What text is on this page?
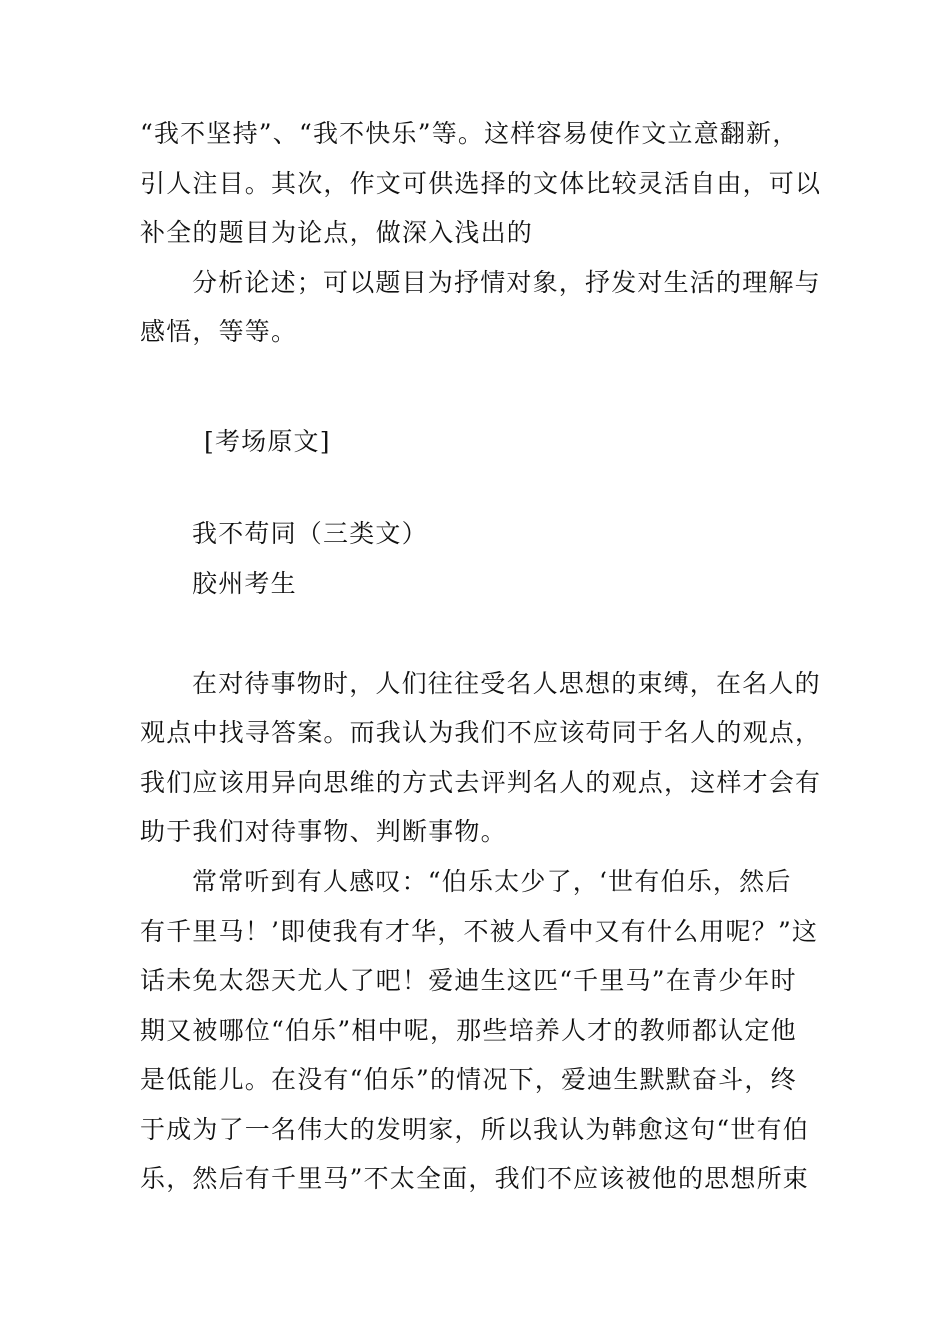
“我不坚持”、“我不快乐”等。这样容易使作文立意翻新，
引人注目。其次，作文可供选择的文体比较灵活自由，可以
补全的题目为论点，做深入浅出的
分析论述；可以题目为抒情对象，抒发对生活的理解与
感悟，等等。
[考场原文]
我不苟同（三类文）
胶州考生
在对待事物时，人们往往受名人思想的束缚，在名人的
观点中找寻答案。而我认为我们不应该苟同于名人的观点，
我们应该用异向思维的方式去评判名人的观点，这样才会有
助于我们对待事物、判断事物。
常常听到有人感叹：“伯乐太少了，‘世有伯乐，然后
有千里马！’即使我有才华，不被人看中又有什么用呢？”这
话未免太怨天尤人了吧！爱迪生这匹“千里马”在青少年时
期又被哪位“伯乐”相中呢，那些培养人才的教师都认定他
是低能儿。在没有“伯乐”的情况下，爱迪生默默奋斗，终
于成为了一名伟大的发明家，所以我认为韩愈这句“世有伯
乐，然后有千里马”不太全面，我们不应该被他的思想所束
